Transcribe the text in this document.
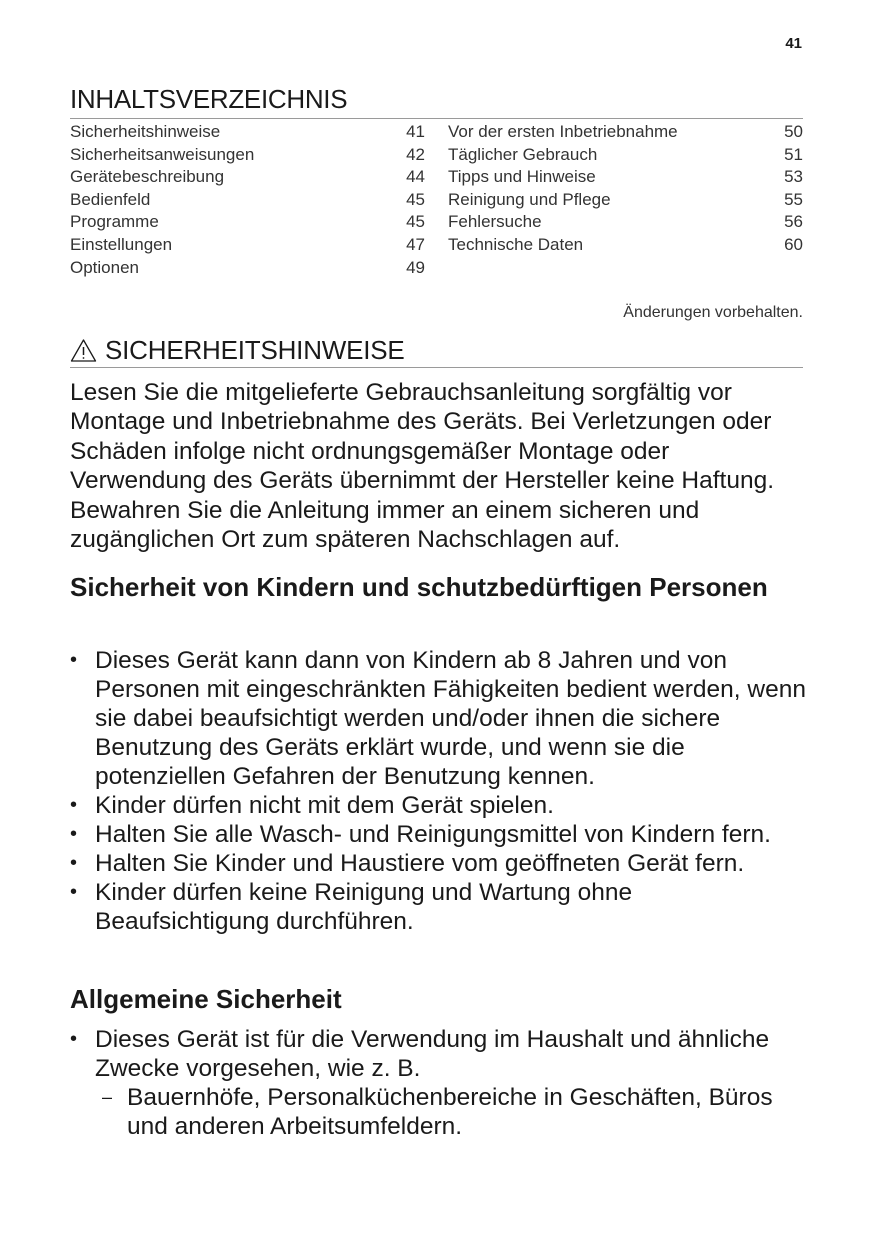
41
INHALTSVERZEICHNIS
Sicherheitshinweise	41
Sicherheitsanweisungen	42
Gerätebeschreibung	44
Bedienfeld	45
Programme	45
Einstellungen	47
Optionen	49
Vor der ersten Inbetriebnahme	50
Täglicher Gebrauch	51
Tipps und Hinweise	53
Reinigung und Pflege	55
Fehlersuche	56
Technische Daten	60
Änderungen vorbehalten.
SICHERHEITSHINWEISE
Lesen Sie die mitgelieferte Gebrauchsanleitung sorgfältig vor Montage und Inbetriebnahme des Geräts. Bei Verletzungen oder Schäden infolge nicht ordnungsgemäßer Montage oder Verwendung des Geräts übernimmt der Hersteller keine Haftung. Bewahren Sie die Anleitung immer an einem sicheren und zugänglichen Ort zum späteren Nachschlagen auf.
Sicherheit von Kindern und schutzbedürftigen Personen
• Dieses Gerät kann dann von Kindern ab 8 Jahren und von Personen mit eingeschränkten Fähigkeiten bedient werden, wenn sie dabei beaufsichtigt werden und/oder ihnen die sichere Benutzung des Geräts erklärt wurde, und wenn sie die potenziellen Gefahren der Benutzung kennen.
• Kinder dürfen nicht mit dem Gerät spielen.
• Halten Sie alle Wasch- und Reinigungsmittel von Kindern fern.
• Halten Sie Kinder und Haustiere vom geöffneten Gerät fern.
• Kinder dürfen keine Reinigung und Wartung ohne Beaufsichtigung durchführen.
Allgemeine Sicherheit
• Dieses Gerät ist für die Verwendung im Haushalt und ähnliche Zwecke vorgesehen, wie z. B.
– Bauernhöfe, Personalküchenbereiche in Geschäften, Büros und anderen Arbeitsumfeldern.
